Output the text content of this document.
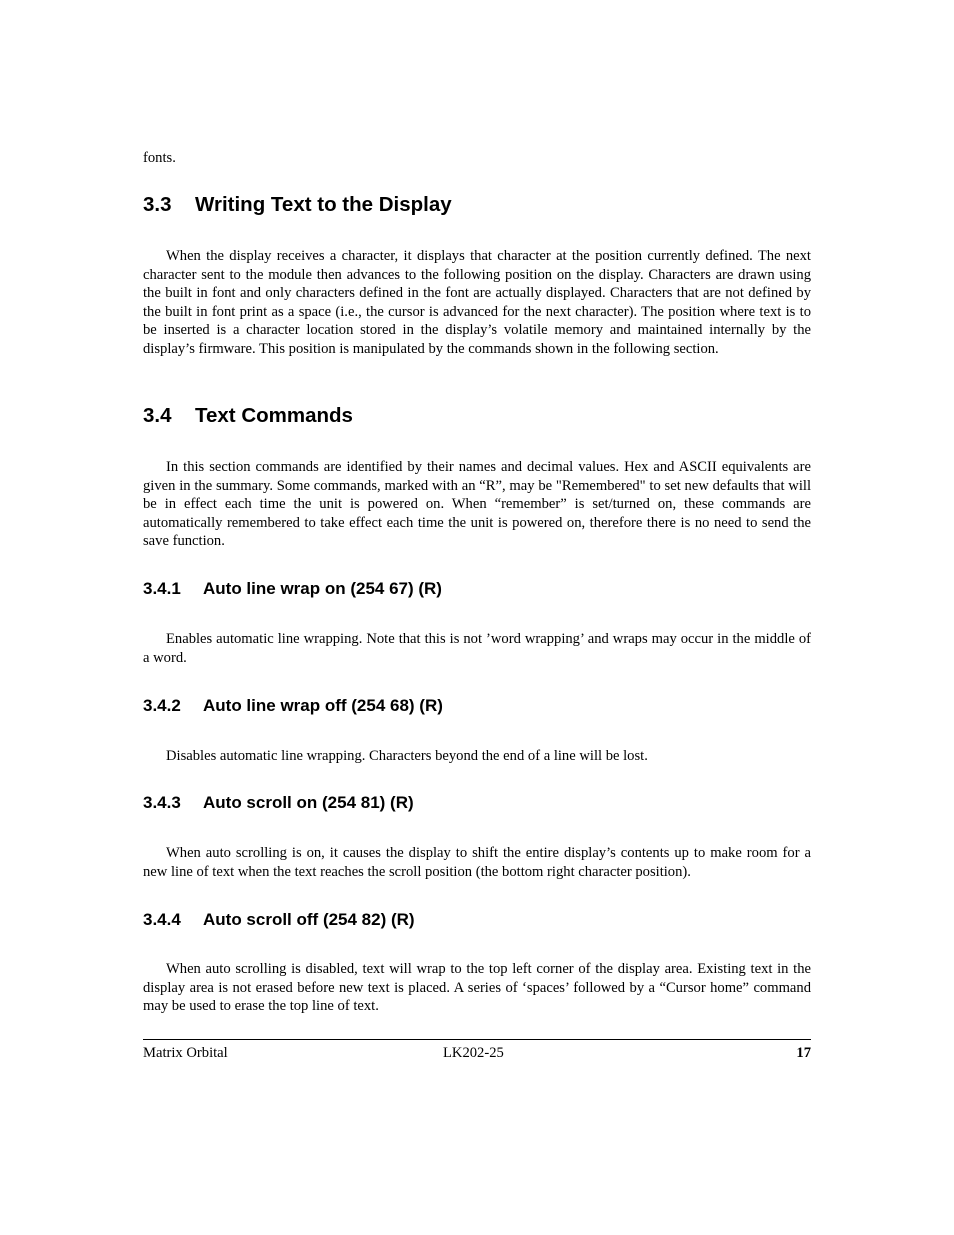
fonts.

3.3 Writing Text to the Display

When the display receives a character, it displays that character at the position currently defined. The next character sent to the module then advances to the following position on the display. Characters are drawn using the built in font and only characters defined in the font are actually displayed. Characters that are not defined by the built in font print as a space (i.e., the cursor is advanced for the next character). The position where text is to be inserted is a character location stored in the display’s volatile memory and maintained internally by the display’s firmware. This position is manipulated by the commands shown in the following section.

3.4 Text Commands

In this section commands are identified by their names and decimal values. Hex and ASCII equivalents are given in the summary. Some commands, marked with an “R”, may be "Remembered" to set new defaults that will be in effect each time the unit is powered on. When “remember” is set/turned on, these commands are automatically remembered to take effect each time the unit is powered on, therefore there is no need to send the save function.

3.4.1 Auto line wrap on (254 67) (R)

Enables automatic line wrapping. Note that this is not ’word wrapping’ and wraps may occur in the middle of a word.

3.4.2 Auto line wrap off (254 68) (R)

Disables automatic line wrapping. Characters beyond the end of a line will be lost.

3.4.3 Auto scroll on (254 81) (R)

When auto scrolling is on, it causes the display to shift the entire display’s contents up to make room for a new line of text when the text reaches the scroll position (the bottom right character position).

3.4.4 Auto scroll off (254 82) (R)

When auto scrolling is disabled, text will wrap to the top left corner of the display area. Existing text in the display area is not erased before new text is placed. A series of ‘spaces’ followed by a “Cursor home” command may be used to erase the top line of text.

Matrix Orbital	LK202-25	17
